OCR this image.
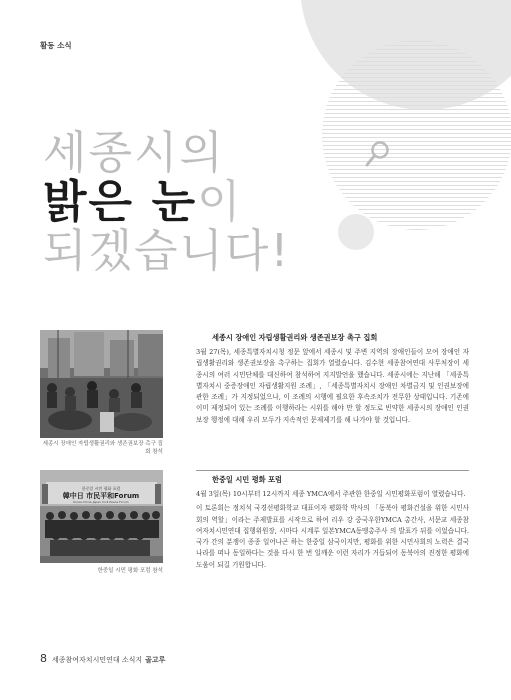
활동 소식
세종시의
밝은 눈이
되겠습니다!
세종시 장애인 자립생활권리와 생존권보장 촉구 집회 참석
한중일 시민 평화 포럼
韓中日 市民平和Forum
Korea-China-Japan Civil Peace Forum
한중일 시민 평화 포럼 참석
세종시 장애인 자립생활권리와 생존권보장 촉구 집회

3월 27(목), 세종특별자치시청 정문 앞에서 세종시 및 주변 지역의 장애인들이 모여 장애인 자립생활권리와 생존권보장을 촉구하는 집회가 열렸습니다. 김수현 세종참여연대 사무처장이 세종시의 여러 시민단체를 대신하여 참석하여 지지발언을 했습니다. 세종시에는 지난해 「세종특별자치시 중증장애인 자립생활지원 조례」, 「세종특별자치시 장애인 차별금지 및 인권보장에 관한 조례」가 지정되었으나, 이 조례의 시행에 필요한 후속조치가 전무한 상태입니다. 기존에 이미 제정되어 있는 조례를 이행하라는 시위를 해야 만 할 정도로 빈약한 세종시의 장애인 인권보장 행정에 대해 우리 모두가 지속적인 문제제기를 해 나가야 할 것입니다.

한중일 시민 평화 포럼

4월 3일(목) 10시부터 12시까지 세종 YMCA에서 주관한 한중일 시민평화포럼이 열렸습니다.

이 토론회는 정치석 국경선평화학교 대표이자 평화학 박사의 「동북아 평화건설을 위한 시민사회의 역할」이라는 주제발표를 시작으로 하여 리우 강 중국우한YMCA 총간사, 서문교 세종참여자치시민연대 집행위원장, 시마다 시계루 일본YMCA동맹총주사 의 발표가 뒤를 이었습니다. 국가 간의 분쟁이 종종 일어나곤 하는 한중일 삼국이지만, 평화를 위한 시민사회의 노력은 결국 나라를 떠나 동일하다는 것을 다시 한 번 일깨운 이런 자리가 거듭되어 동북아의 진정한 평화에 도움이 되길 기원합니다.

8 세종참여자치시민연대 소식지 골고루
